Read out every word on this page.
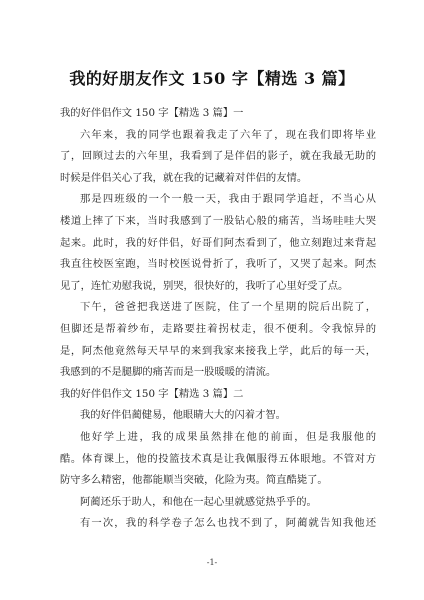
我的好朋友作文 150 字【精选 3 篇】
我的好伴侣作文 150 字【精选 3 篇】一
六年来，我的同学也跟着我走了六年了，现在我们即将毕业
了，回顾过去的六年里，我看到了是伴侣的影子，就在我最无助的
时候是伴侣关心了我，就在我的记藏着对伴侣的友情。
那是四班级的一个一般一天，我由于跟同学追赶，不当心从
楼道上摔了下来，当时我感到了一股钻心般的痛苦，当场哇哇大哭
起来。此时，我的好伴侣，好哥们阿杰看到了，他立刻跑过来背起
我直往校医室跑，当时校医说骨折了，我听了，又哭了起来。阿杰
见了，连忙劝慰我说，别哭，很快好的，我听了心里好受了点。
下午，爸爸把我送进了医院，住了一个星期的院后出院了，
但脚还是帮着纱布，走路要拄着拐杖走，很不便利。令我惊异的
是，阿杰他竟然每天早早的来到我家来接我上学，此后的每一天，
我感到的不是腿脚的痛苦而是一股暖暖的清流。
我的好伴侣作文 150 字【精选 3 篇】二
我的好伴侣蔺健易，他眼睛大大的闪着才智。
他好学上进，我的成果虽然排在他的前面，但是我服他的
酷。体育课上，他的投篮技术真是让我佩服得五体眼地。不管对方
防守多么精密，他都能顺当突破，化险为夷。简直酷毙了。
阿蔺还乐于助人，和他在一起心里就感觉热乎乎的。
有一次，我的科学卷子怎么也找不到了，阿蔺就告知我他还
-1-
